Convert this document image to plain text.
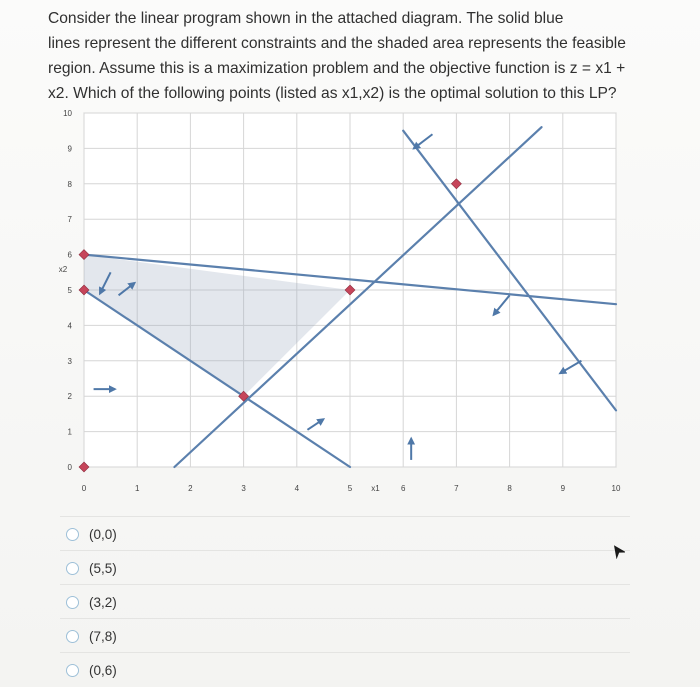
Consider the linear program shown in the attached diagram. The solid blue
lines represent the different constraints and the shaded area represents the feasible
region. Assume this is a maximization problem and the objective function is z = x1 +
x2. Which of the following points (listed as x1,x2) is the optimal solution to this LP?
0	1	2	3	4	5	6	7	8	9	10
0
1
2
3
4
5
6
7
8
9
10
x1
x2
(0,0)
(5,5)
(3,2)
(7,8)
(0,6)
